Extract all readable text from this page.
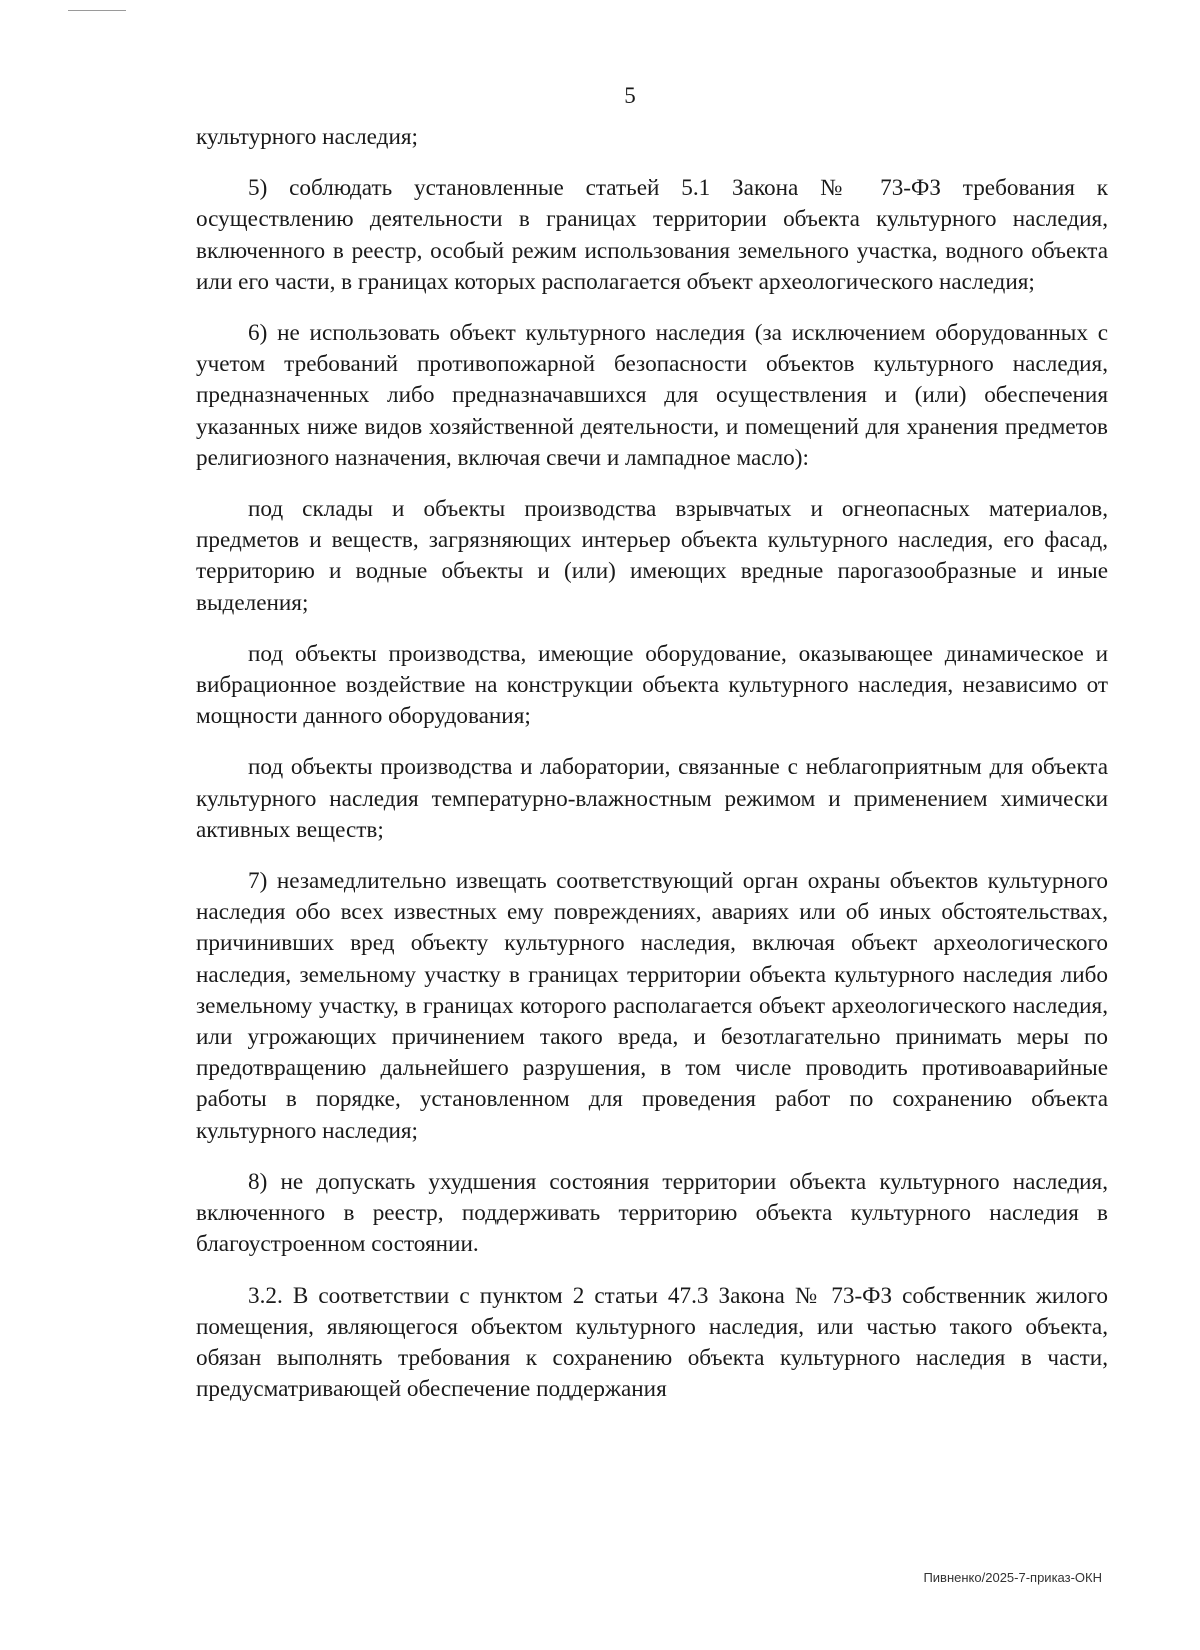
5

культурного наследия;

5) соблюдать установленные статьей 5.1 Закона № 73-ФЗ требования к осуществлению деятельности в границах территории объекта культурного наследия, включенного в реестр, особый режим использования земельного участка, водного объекта или его части, в границах которых располагается объект археологического наследия;

6) не использовать объект культурного наследия (за исключением оборудованных с учетом требований противопожарной безопасности объектов культурного наследия, предназначенных либо предназначавшихся для осуществления и (или) обеспечения указанных ниже видов хозяйственной деятельности, и помещений для хранения предметов религиозного назначения, включая свечи и лампадное масло):

под склады и объекты производства взрывчатых и огнеопасных материалов, предметов и веществ, загрязняющих интерьер объекта культурного наследия, его фасад, территорию и водные объекты и (или) имеющих вредные парогазообразные и иные выделения;

под объекты производства, имеющие оборудование, оказывающее динамическое и вибрационное воздействие на конструкции объекта культурного наследия, независимо от мощности данного оборудования;

под объекты производства и лаборатории, связанные с неблагоприятным для объекта культурного наследия температурно-влажностным режимом и применением химически активных веществ;

7) незамедлительно извещать соответствующий орган охраны объектов культурного наследия обо всех известных ему повреждениях, авариях или об иных обстоятельствах, причинивших вред объекту культурного наследия, включая объект археологического наследия, земельному участку в границах территории объекта культурного наследия либо земельному участку, в границах которого располагается объект археологического наследия, или угрожающих причинением такого вреда, и безотлагательно принимать меры по предотвращению дальнейшего разрушения, в том числе проводить противоаварийные работы в порядке, установленном для проведения работ по сохранению объекта культурного наследия;

8) не допускать ухудшения состояния территории объекта культурного наследия, включенного в реестр, поддерживать территорию объекта культурного наследия в благоустроенном состоянии.

3.2. В соответствии с пунктом 2 статьи 47.3 Закона № 73-ФЗ собственник жилого помещения, являющегося объектом культурного наследия, или частью такого объекта, обязан выполнять требования к сохранению объекта культурного наследия в части, предусматривающей обеспечение поддержания

Пивненко/2025-7-приказ-ОКН
